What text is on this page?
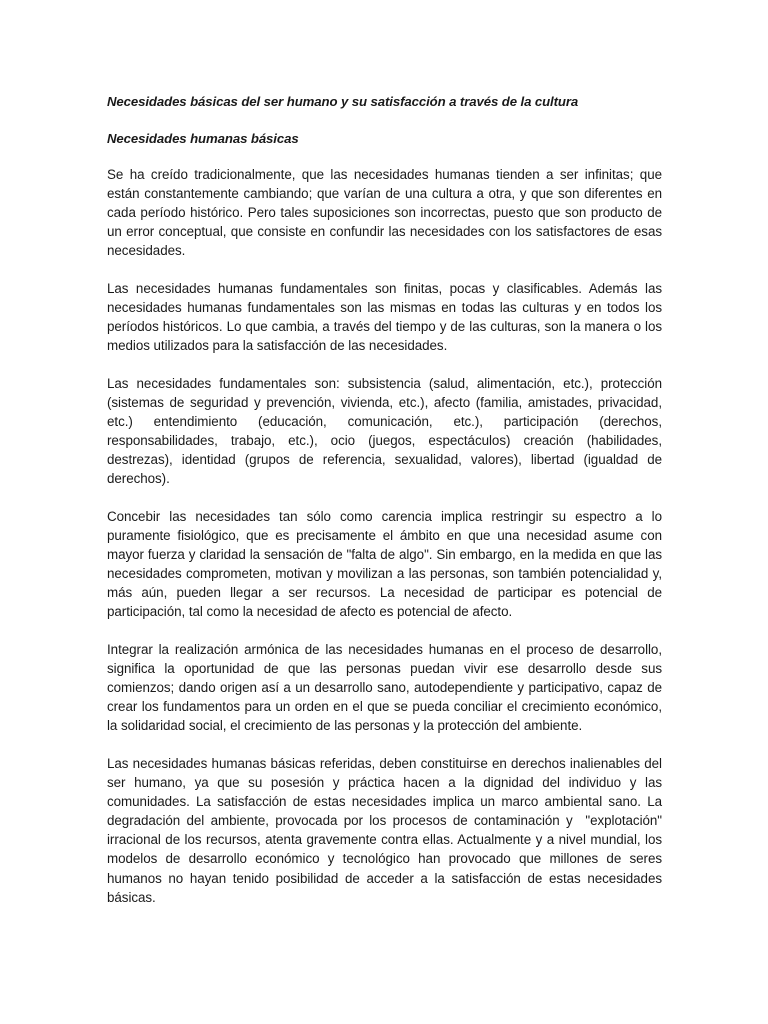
Necesidades básicas del ser humano y su satisfacción a través de la cultura

Necesidades humanas básicas

Se ha creído tradicionalmente, que las necesidades humanas tienden a ser infinitas; que están constantemente cambiando; que varían de una cultura a otra, y que son diferentes en cada período histórico. Pero tales suposiciones son incorrectas, puesto que son producto de un error conceptual, que consiste en confundir las necesidades con los satisfactores de esas necesidades.

Las necesidades humanas fundamentales son finitas, pocas y clasificables. Además las necesidades humanas fundamentales son las mismas en todas las culturas y en todos los períodos históricos. Lo que cambia, a través del tiempo y de las culturas, son la manera o los medios utilizados para la satisfacción de las necesidades.

Las necesidades fundamentales son: subsistencia (salud, alimentación, etc.), protección (sistemas de seguridad y prevención, vivienda, etc.), afecto (familia, amistades, privacidad, etc.) entendimiento (educación, comunicación, etc.), participación (derechos, responsabilidades, trabajo, etc.), ocio (juegos, espectáculos) creación (habilidades, destrezas), identidad (grupos de referencia, sexualidad, valores), libertad (igualdad de derechos).

Concebir las necesidades tan sólo como carencia implica restringir su espectro a lo puramente fisiológico, que es precisamente el ámbito en que una necesidad asume con mayor fuerza y claridad la sensación de "falta de algo". Sin embargo, en la medida en que las necesidades comprometen, motivan y movilizan a las personas, son también potencialidad y, más aún, pueden llegar a ser recursos. La necesidad de participar es potencial de participación, tal como la necesidad de afecto es potencial de afecto.

Integrar la realización armónica de las necesidades humanas en el proceso de desarrollo, significa la oportunidad de que las personas puedan vivir ese desarrollo desde sus comienzos; dando origen así a un desarrollo sano, autodependiente y participativo, capaz de crear los fundamentos para un orden en el que se pueda conciliar el crecimiento económico, la solidaridad social, el crecimiento de las personas y la protección del ambiente.

Las necesidades humanas básicas referidas, deben constituirse en derechos inalienables del ser humano, ya que su posesión y práctica hacen a la dignidad del individuo y las comunidades. La satisfacción de estas necesidades implica un marco ambiental sano. La degradación del ambiente, provocada por los procesos de contaminación y  "explotación" irracional de los recursos, atenta gravemente contra ellas. Actualmente y a nivel mundial, los modelos de desarrollo económico y tecnológico han provocado que millones de seres humanos no hayan tenido posibilidad de acceder a la satisfacción de estas necesidades básicas.
